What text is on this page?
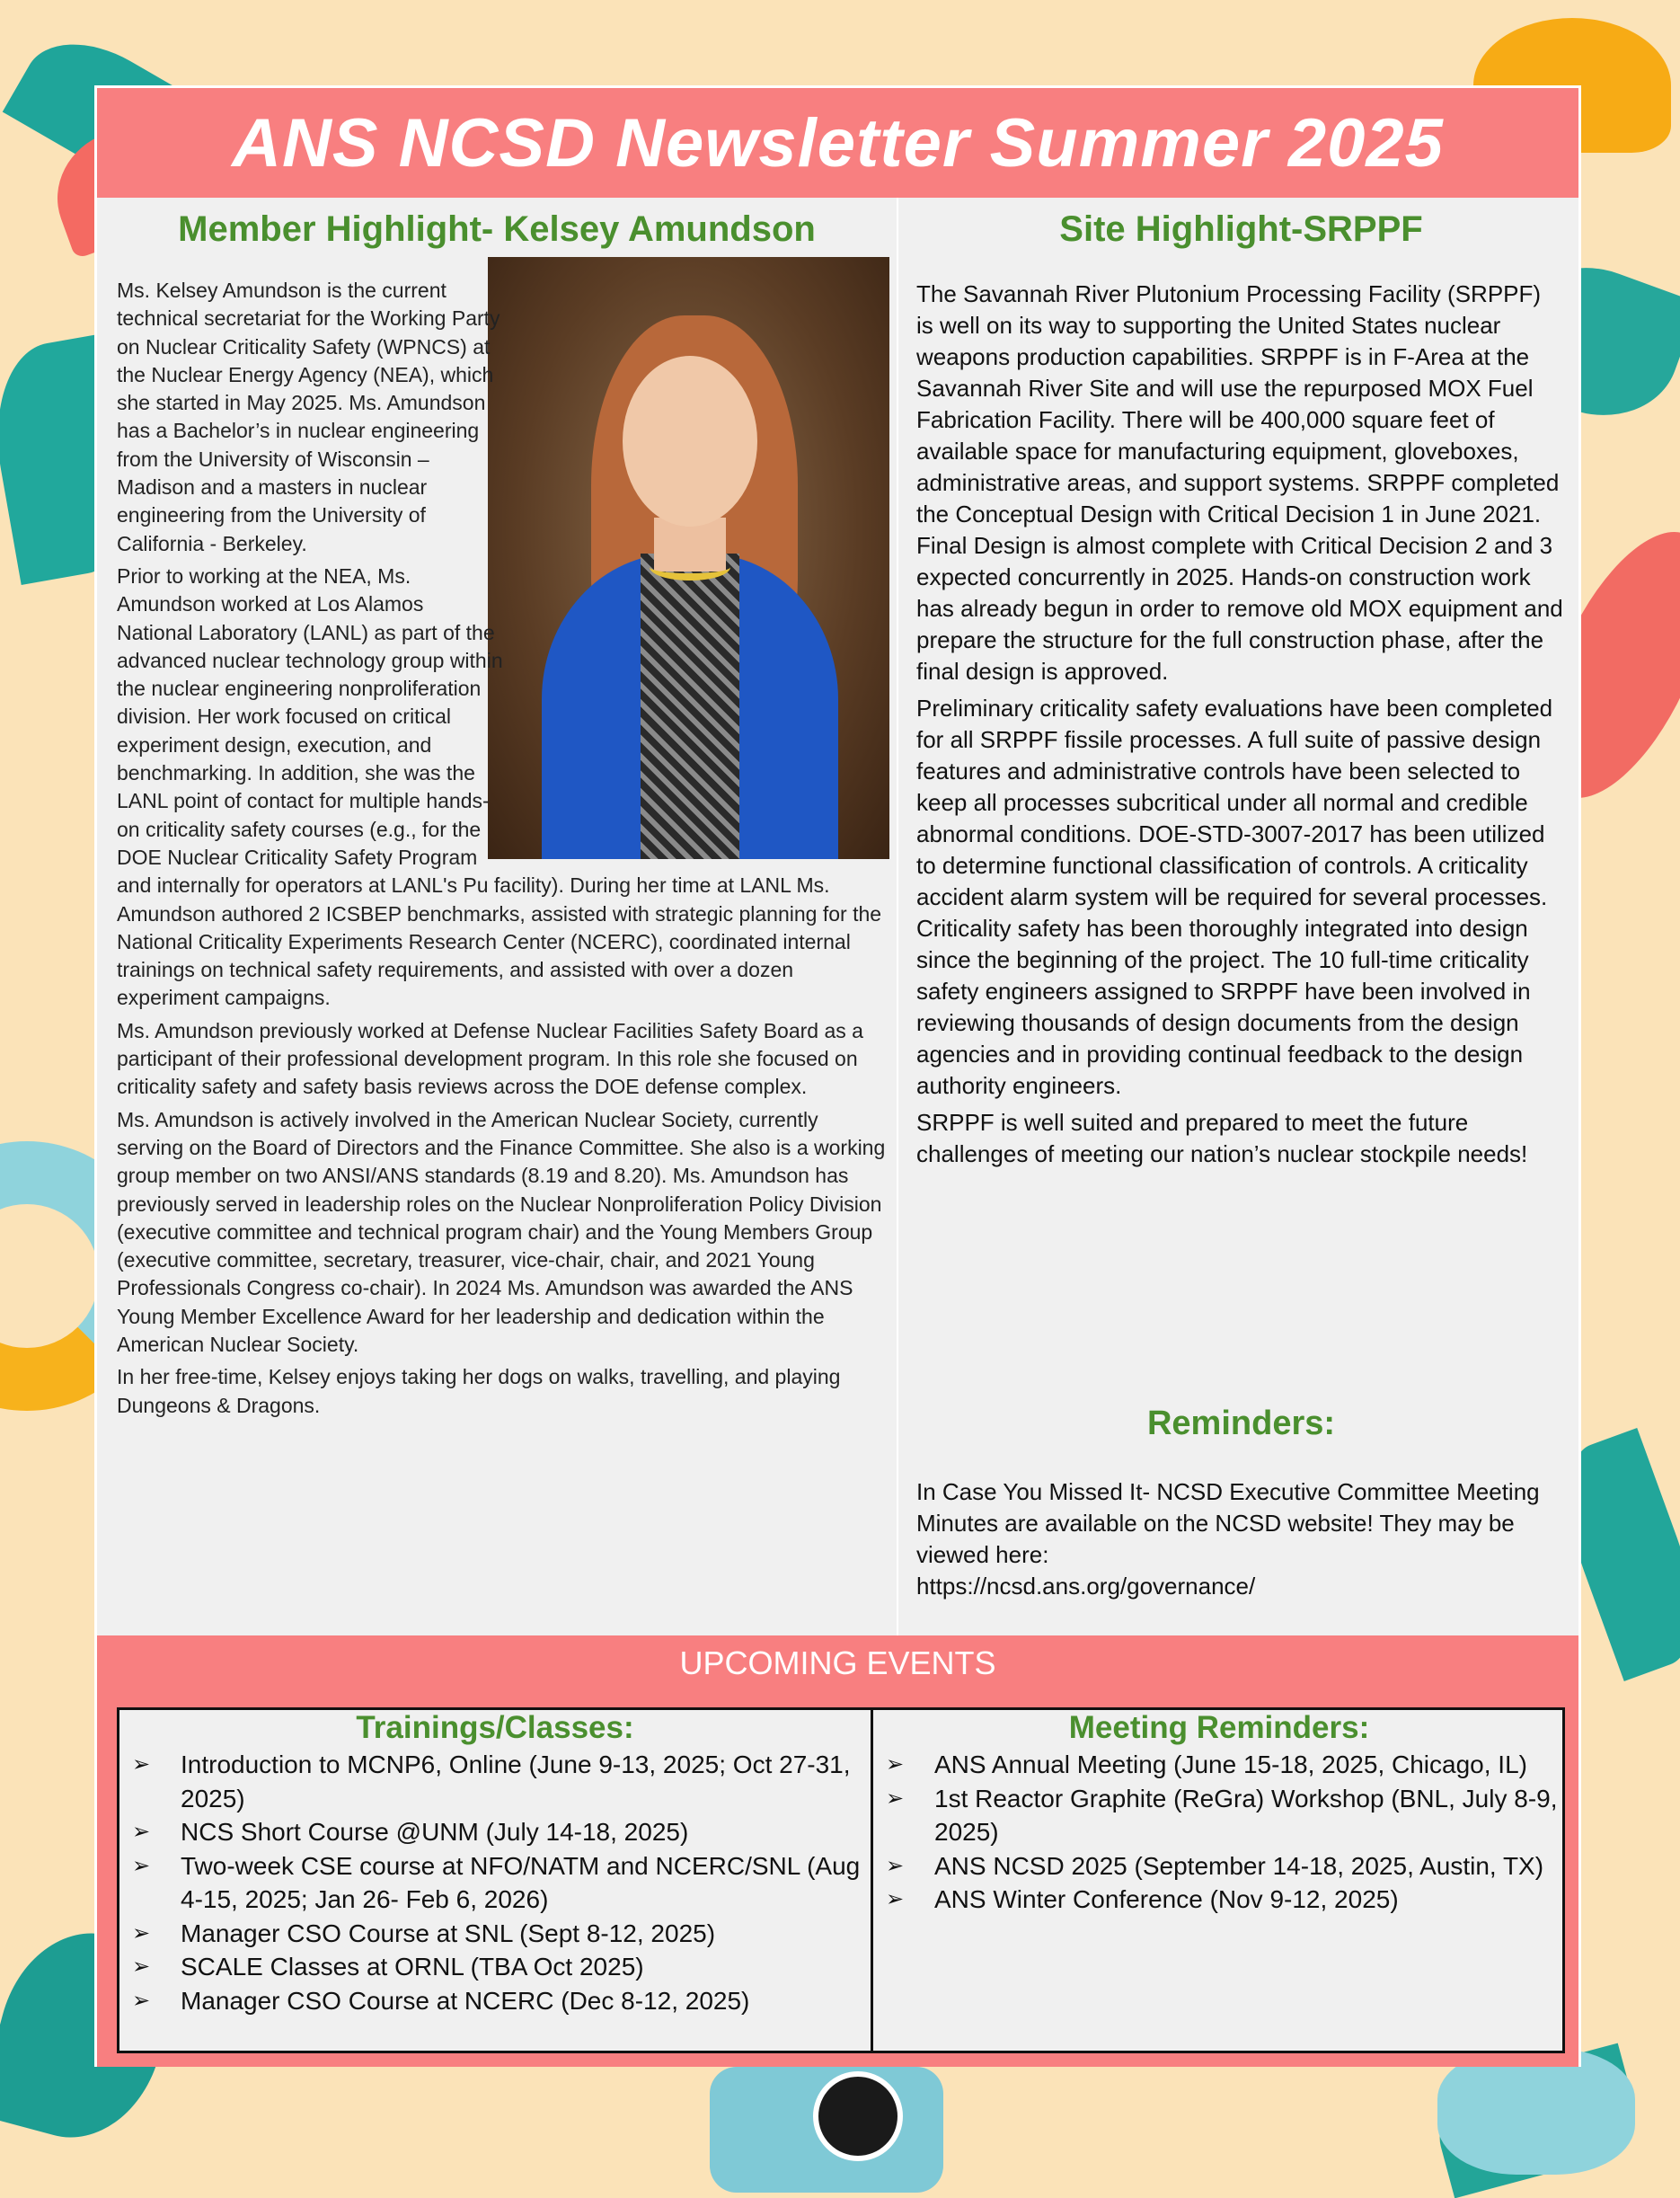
ANS NCSD Newsletter Summer 2025
Member Highlight- Kelsey Amundson	Site Highlight-SRPPF

Ms. Kelsey Amundson is the current technical secretariat for the Working Party on Nuclear Criticality Safety (WPNCS) at the Nuclear Energy Agency (NEA), which she started in May 2025. Ms. Amundson has a Bachelor’s in nuclear engineering from the University of Wisconsin – Madison and a masters in nuclear engineering from the University of California - Berkeley.

Prior to working at the NEA, Ms. Amundson worked at Los Alamos National Laboratory (LANL) as part of the advanced nuclear technology group within the nuclear engineering nonproliferation division. Her work focused on critical experiment design, execution, and benchmarking. In addition, she was the LANL point of contact for multiple hands-on criticality safety courses (e.g., for the DOE Nuclear Criticality Safety Program and internally for operators at LANL's Pu facility). During her time at LANL Ms. Amundson authored 2 ICSBEP benchmarks, assisted with strategic planning for the National Criticality Experiments Research Center (NCERC), coordinated internal trainings on technical safety requirements, and assisted with over a dozen experiment campaigns.

Ms. Amundson previously worked at Defense Nuclear Facilities Safety Board as a participant of their professional development program. In this role she focused on criticality safety and safety basis reviews across the DOE defense complex.

Ms. Amundson is actively involved in the American Nuclear Society, currently serving on the Board of Directors and the Finance Committee. She also is a working group member on two ANSI/ANS standards (8.19 and 8.20). Ms. Amundson has previously served in leadership roles on the Nuclear Nonproliferation Policy Division (executive committee and technical program chair) and the Young Members Group (executive committee, secretary, treasurer, vice-chair, chair, and 2021 Young Professionals Congress co-chair). In 2024 Ms. Amundson was awarded the ANS Young Member Excellence Award for her leadership and dedication within the American Nuclear Society.

In her free-time, Kelsey enjoys taking her dogs on walks, travelling, and playing Dungeons & Dragons.

The Savannah River Plutonium Processing Facility (SRPPF) is well on its way to supporting the United States nuclear weapons production capabilities. SRPPF is in F-Area at the Savannah River Site and will use the repurposed MOX Fuel Fabrication Facility. There will be 400,000 square feet of available space for manufacturing equipment, gloveboxes, administrative areas, and support systems. SRPPF completed the Conceptual Design with Critical Decision 1 in June 2021. Final Design is almost complete with Critical Decision 2 and 3 expected concurrently in 2025. Hands-on construction work has already begun in order to remove old MOX equipment and prepare the structure for the full construction phase, after the final design is approved.

Preliminary criticality safety evaluations have been completed for all SRPPF fissile processes. A full suite of passive design features and administrative controls have been selected to keep all processes subcritical under all normal and credible abnormal conditions. DOE-STD-3007-2017 has been utilized to determine functional classification of controls. A criticality accident alarm system will be required for several processes. Criticality safety has been thoroughly integrated into design since the beginning of the project. The 10 full-time criticality safety engineers assigned to SRPPF have been involved in reviewing thousands of design documents from the design agencies and in providing continual feedback to the design authority engineers.

SRPPF is well suited and prepared to meet the future challenges of meeting our nation’s nuclear stockpile needs!

Reminders:
In Case You Missed It- NCSD Executive Committee Meeting Minutes are available on the NCSD website! They may be viewed here:
https://ncsd.ans.org/governance/
UPCOMING EVENTS
Trainings/Classes:
➢ Introduction to MCNP6, Online (June 9-13, 2025; Oct 27-31, 2025)
➢ NCS Short Course @UNM (July 14-18, 2025)
➢ Two-week CSE course at NFO/NATM and NCERC/SNL (Aug 4-15, 2025; Jan 26- Feb 6, 2026)
➢ Manager CSO Course at SNL (Sept 8-12, 2025)
➢ SCALE Classes at ORNL (TBA Oct 2025)
➢ Manager CSO Course at NCERC (Dec 8-12, 2025)
Meeting Reminders:
➢ ANS Annual Meeting (June 15-18, 2025, Chicago, IL)
➢ 1st Reactor Graphite (ReGra) Workshop (BNL, July 8-9, 2025)
➢ ANS NCSD 2025 (September 14-18, 2025, Austin, TX)
➢ ANS Winter Conference (Nov 9-12, 2025)
